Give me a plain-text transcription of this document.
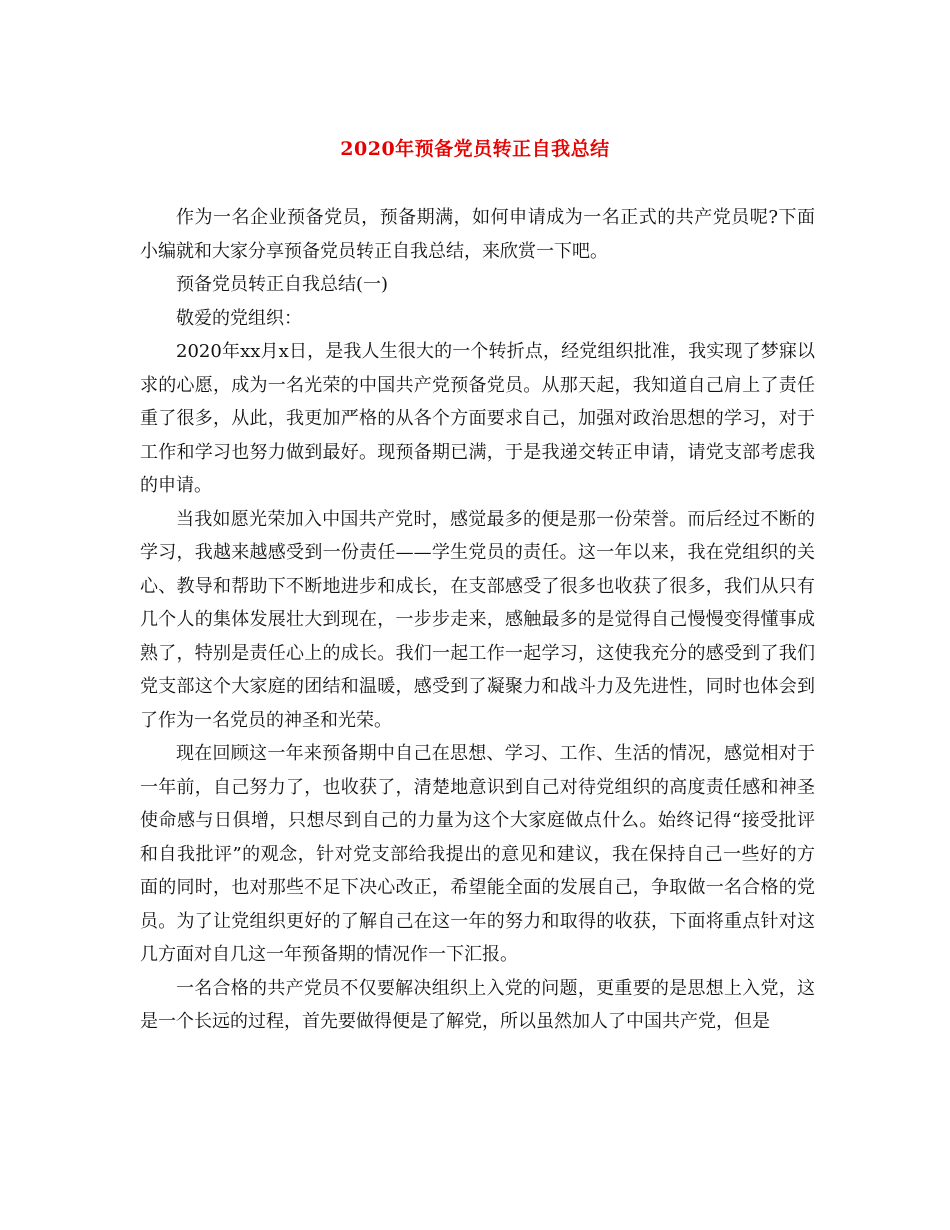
2020年预备党员转正自我总结

作为一名企业预备党员，预备期满，如何申请成为一名正式的共产党员呢?下面小编就和大家分享预备党员转正自我总结，来欣赏一下吧。

预备党员转正自我总结(一)

敬爱的党组织：

2020年xx月x日，是我人生很大的一个转折点，经党组织批准，我实现了梦寐以求的心愿，成为一名光荣的中国共产党预备党员。从那天起，我知道自己肩上了责任重了很多，从此，我更加严格的从各个方面要求自己，加强对政治思想的学习，对于工作和学习也努力做到最好。现预备期已满，于是我递交转正申请，请党支部考虑我的申请。

当我如愿光荣加入中国共产党时，感觉最多的便是那一份荣誉。而后经过不断的学习，我越来越感受到一份责任——学生党员的责任。这一年以来，我在党组织的关心、教导和帮助下不断地进步和成长，在支部感受了很多也收获了很多，我们从只有几个人的集体发展壮大到现在，一步步走来，感触最多的是觉得自己慢慢变得懂事成熟了，特别是责任心上的成长。我们一起工作一起学习，这使我充分的感受到了我们党支部这个大家庭的团结和温暖，感受到了凝聚力和战斗力及先进性，同时也体会到了作为一名党员的神圣和光荣。

现在回顾这一年来预备期中自己在思想、学习、工作、生活的情况，感觉相对于一年前，自己努力了，也收获了，清楚地意识到自己对待党组织的高度责任感和神圣使命感与日俱增，只想尽到自己的力量为这个大家庭做点什么。始终记得“接受批评和自我批评”的观念，针对党支部给我提出的意见和建议，我在保持自己一些好的方面的同时，也对那些不足下决心改正，希望能全面的发展自己，争取做一名合格的党员。为了让党组织更好的了解自己在这一年的努力和取得的收获，下面将重点针对这几方面对自几这一年预备期的情况作一下汇报。

一名合格的共产党员不仅要解决组织上入党的问题，更重要的是思想上入党，这是一个长远的过程，首先要做得便是了解党，所以虽然加人了中国共产党，但是
